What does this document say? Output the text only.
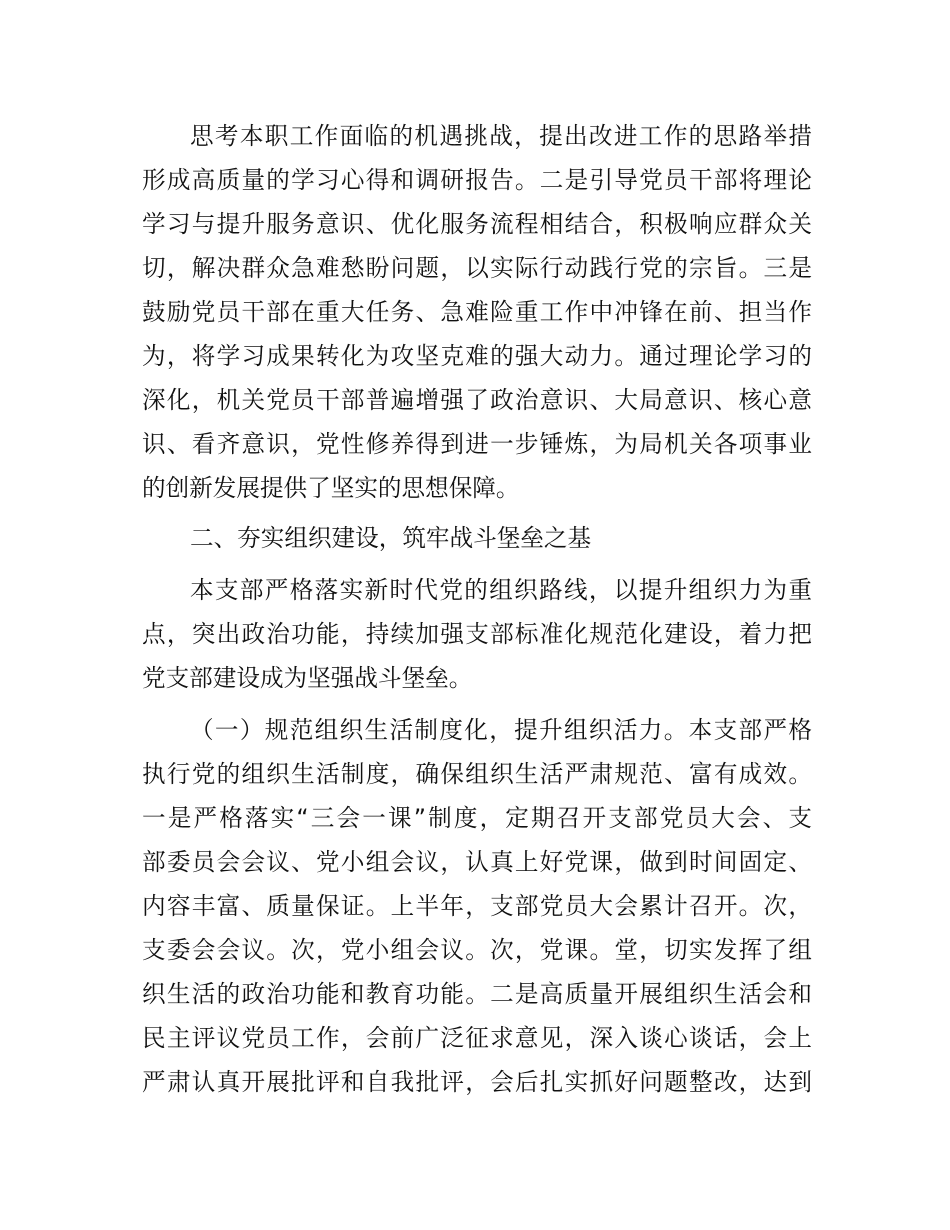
思考本职工作面临的机遇挑战，提出改进工作的思路举措

形成高质量的学习心得和调研报告。二是引导党员干部将理论

学习与提升服务意识、优化服务流程相结合，积极响应群众关

切，解决群众急难愁盼问题，以实际行动践行党的宗旨。三是

鼓励党员干部在重大任务、急难险重工作中冲锋在前、担当作

为，将学习成果转化为攻坚克难的强大动力。通过理论学习的

深化，机关党员干部普遍增强了政治意识、大局意识、核心意

识、看齐意识，党性修养得到进一步锤炼，为局机关各项事业

的创新发展提供了坚实的思想保障。

二、夯实组织建设，筑牢战斗堡垒之基

本支部严格落实新时代党的组织路线，以提升组织力为重

点，突出政治功能，持续加强支部标准化规范化建设，着力把

党支部建设成为坚强战斗堡垒。

（一）规范组织生活制度化，提升组织活力。本支部严格

执行党的组织生活制度，确保组织生活严肃规范、富有成效。

一是严格落实“三会一课”制度，定期召开支部党员大会、支

部委员会会议、党小组会议，认真上好党课，做到时间固定、

内容丰富、质量保证。上半年，支部党员大会累计召开。次，

支委会会议。次，党小组会议。次，党课。堂，切实发挥了组

织生活的政治功能和教育功能。二是高质量开展组织生活会和

民主评议党员工作，会前广泛征求意见，深入谈心谈话，会上

严肃认真开展批评和自我批评，会后扎实抓好问题整改，达到
